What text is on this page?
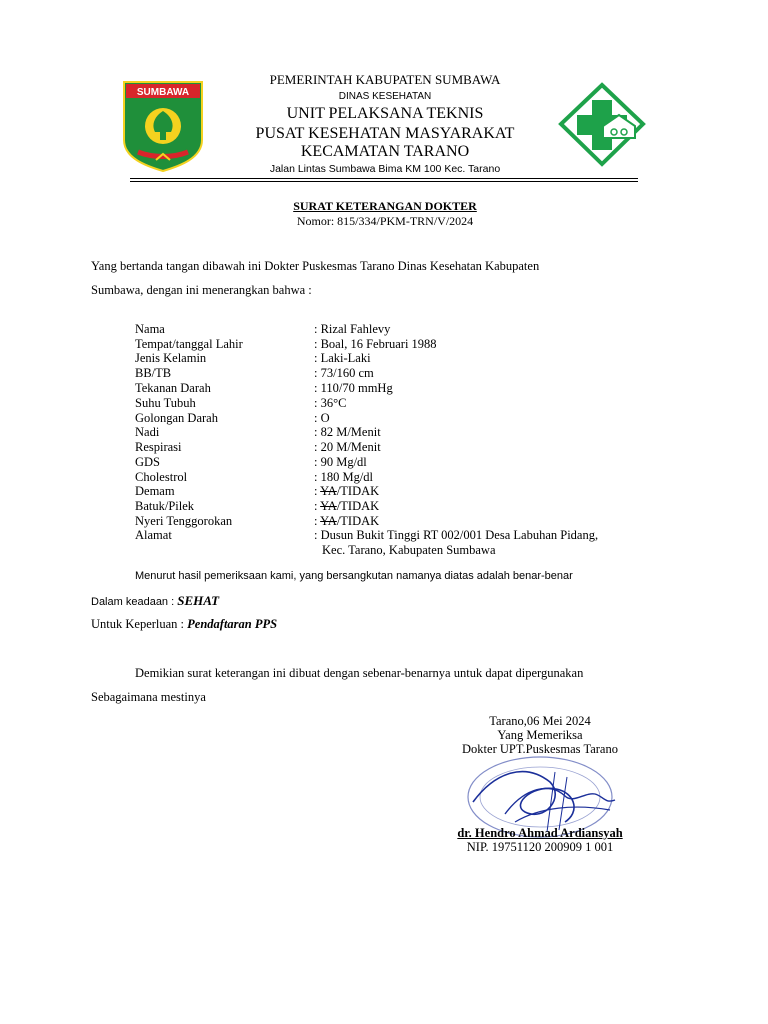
SUMBAWA
PEMERINTAH KABUPATEN SUMBAWA
DINAS KESEHATAN
UNIT PELAKSANA TEKNIS
PUSAT KESEHATAN MASYARAKAT
KECAMATAN TARANO
Jalan Lintas Sumbawa Bima KM 100 Kec. Tarano
SURAT KETERANGAN DOKTER
Nomor: 815/334/PKM-TRN/V/2024
Yang bertanda tangan dibawah ini Dokter Puskesmas Tarano Dinas Kesehatan Kabupaten
Sumbawa, dengan ini menerangkan bahwa :
Nama	: Rizal Fahlevy
Tempat/tanggal Lahir	: Boal, 16 Februari 1988
Jenis Kelamin	: Laki-Laki
BB/TB	: 73/160 cm
Tekanan Darah	: 110/70 mmHg
Suhu Tubuh	: 36°C
Golongan Darah	: O
Nadi	: 82 M/Menit
Respirasi	: 20 M/Menit
GDS	: 90 Mg/dl
Cholestrol	: 180 Mg/dl
Demam	: YA/TIDAK
Batuk/Pilek	: YA/TIDAK
Nyeri Tenggorokan	: YA/TIDAK
Alamat	: Dusun Bukit Tinggi RT 002/001 Desa Labuhan Pidang,
Kec. Tarano, Kabupaten Sumbawa
Menurut hasil pemeriksaan kami, yang bersangkutan namanya diatas adalah benar-benar
Dalam keadaan : SEHAT
Untuk Keperluan : Pendaftaran PPS
Demikian surat keterangan ini dibuat dengan sebenar-benarnya untuk dapat dipergunakan
Sebagaimana mestinya
Tarano,06 Mei 2024
Yang Memeriksa
Dokter UPT.Puskesmas Tarano
dr. Hendro Ahmad Ardiansyah
NIP. 19751120 200909 1 001
